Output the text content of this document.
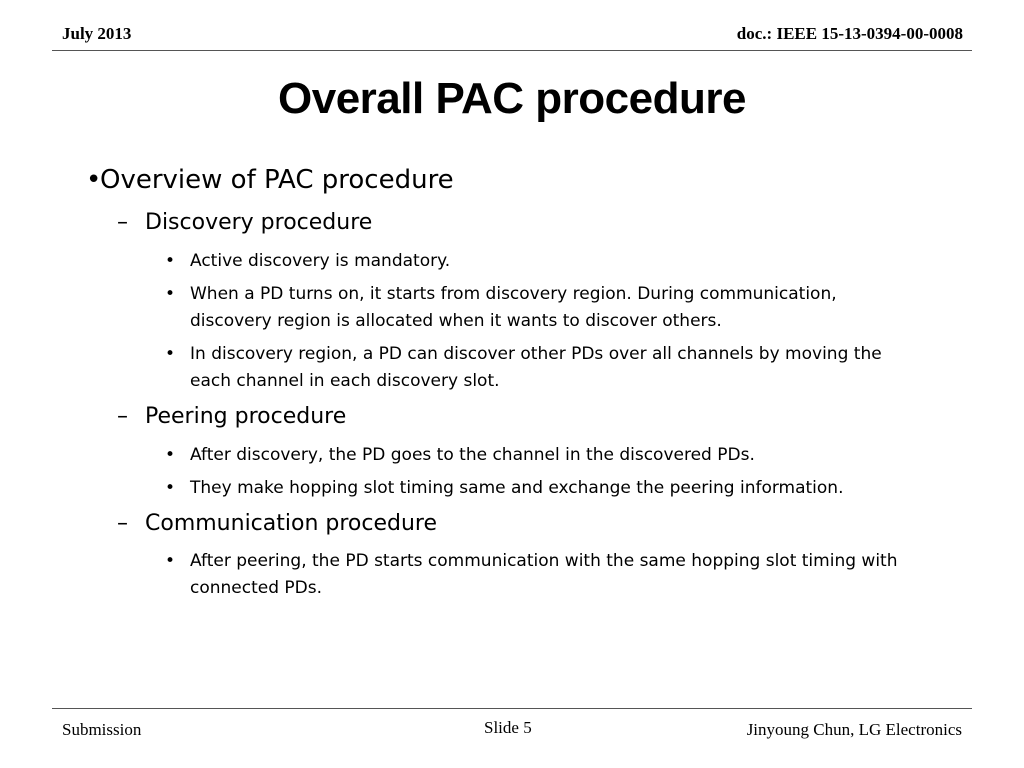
July 2013	doc.: IEEE 15-13-0394-00-0008
Overall PAC procedure
•
Overview of PAC procedure
– Discovery procedure
• Active discovery is mandatory.
• When a PD turns on, it starts from discovery region. During communication,
discovery region is allocated when it wants to discover others.
• In discovery region, a PD can discover other PDs over all channels by moving the
each channel in each discovery slot.
– Peering procedure
• After discovery, the PD goes to the channel in the discovered PDs.
• They make hopping slot timing same and exchange the peering information.
– Communication procedure
• After peering, the PD starts communication with the same hopping slot timing with
connected PDs.
Submission	Slide 5	Jinyoung Chun, LG Electronics
